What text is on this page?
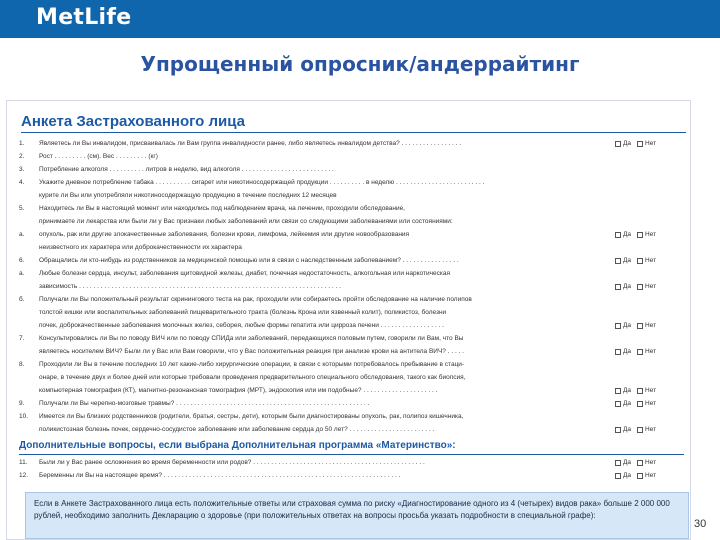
MetLife
Упрощенный опросник/андеррайтинг
Анкета Застрахованного лица
1.	Являетесь ли Вы инвалидом, присваивалась ли Вам группа инвалидности ранее, либо являетесь инвалидом детства? . . . . . . . . . . . . . . . . .	Да Нет
2.	Рост . . . . . . . . . (см). Вес . . . . . . . . . (кг)
3.	Потребление алкоголя . . . . . . . . . . литров в неделю, вид алкоголя . . . . . . . . . . . . . . . . . . . . . . . . . .
4.	Укажите дневное потребление табака . . . . . . . . . . сигарет или никотиносодержащей продукции . . . . . . . . . . в неделю . . . . . . . . . . . . . . . . . . . . . . . . .
курите ли Вы или употребляли никотиносодержащую продукцию в течение последних 12 месяцев
5.	Находитесь ли Вы в настоящий момент или находились под наблюдением врача, на лечении, проходили обследование,
принимаете ли лекарства или были ли у Вас признаки любых заболеваний или связи со следующими заболеваниями или состояниями:
а.	опухоль, рак или другие злокачественные заболевания, болезни крови, лимфома, лейкемия или другие новообразования	Да Нет
неизвестного их характера или доброкачественности их характера
6.	Обращались ли кто-нибудь из родственников за медицинской помощью или в связи с наследственным заболеванием? . . . . . . . . . . . . . . . .	Да Нет
а.	Любые болезни сердца, инсульт, заболевания щитовидной железы, диабет, почечная недостаточность, алкогольная или наркотическая
зависимость . . . . . . . . . . . . . . . . . . . . . . . . . . . . . . . . . . . . . . . . . . . . . . . . . . . . . . . . . . . . . . . . . . . . . . . . .	Да Нет
б.	Получали ли Вы положительный результат скринингового теста на рак, проходили или собираетесь пройти обследование на наличие полипов
толстой кишки или воспалительных заболеваний пищеварительного тракта (болезнь Крона или язвенный колит), поликистоз, болезни
почек, доброкачественные заболевания молочных желез, себорея, любые формы гепатита или цирроза печени . . . . . . . . . . . . . . . . . .	Да Нет
7.	Консультировались ли Вы по поводу ВИЧ или по поводу СПИДа или заболеваний, передающихся половым путем, говорили ли Вам, что Вы
являетесь носителем ВИЧ? Были ли у Вас или Вам говорили, что у Вас положительная реакция при анализе крови на антитела ВИЧ? . . . . .	Да Нет
8.	Проходили ли Вы в течение последних 10 лет какие-либо хирургические операции, в связи с которыми потребовалось пребывание в стаци-
онаре, в течение двух и более дней или которые требовали проведения предварительного специального обследования, такого как биопсия,
компьютерная томография (КТ), магнитно-резонансная томография (МРТ), эндоскопия или им подобные? . . . . . . . . . . . . . . . . . . . . .	Да Нет
9.	Получали ли Вы черепно-мозговые травмы? . . . . . . . . . . . . . . . . . . . . . . . . . . . . . . . . . . . . . . . . . . . . . . . . . . . . . .	Да Нет
10.	Имеется ли Вы близких родственников (родители, братья, сестры, дети), которым были диагностированы опухоль, рак, полипоз кишечника,
поликистозная болезнь почек, сердечно-сосудистое заболевание или заболевание сердца до 50 лет? . . . . . . . . . . . . . . . . . . . . . . . .	Да Нет
Дополнительные вопросы, если выбрана Дополнительная программа «Материнство»:
11.	Были ли у Вас ранее осложнения во время беременности или родов? . . . . . . . . . . . . . . . . . . . . . . . . . . . . . . . . . . . . . . . . . . . . . . . .	Да Нет
12.	Беременны ли Вы на настоящее время? . . . . . . . . . . . . . . . . . . . . . . . . . . . . . . . . . . . . . . . . . . . . . . . . . . . . . . . . . . . . . . . . . .	Да Нет
Если в Анкете Застрахованного лица есть положительные ответы или страховая сумма по риску «Диагностирование одного из 4 (четырех) видов рака» больше 2 000 000 рублей, необходимо заполнить Декларацию о здоровье (при положительных ответах на вопросы просьба указать подробности в специальной графе):
30
